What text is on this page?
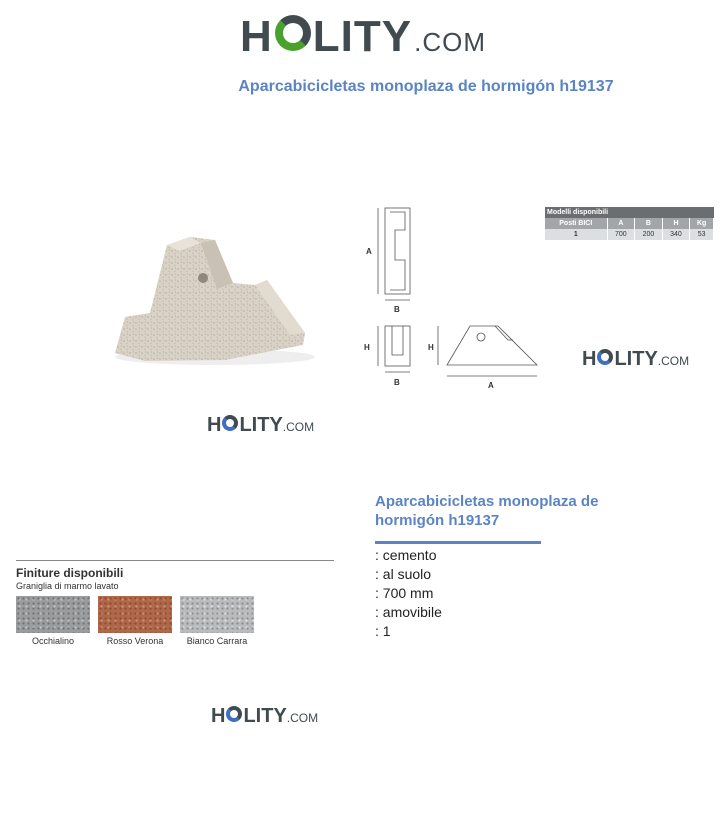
H LITY .COM
Aparcabicicletas monoplaza de hormigón h19137
A
B
H
B
H
A
Modelli disponibili				
Posti BICI	A	B	H	Kg
1	700	200	340	53
H LITY .COM
H LITY .COM
Finiture disponibili
Graniglia di marmo lavato
Occhialino	Rosso Verona	Bianco Carrara
Aparcabicicletas monoplaza de hormigón h19137
: cemento
: al suolo
: 700 mm
: amovibile
: 1
H LITY .COM
